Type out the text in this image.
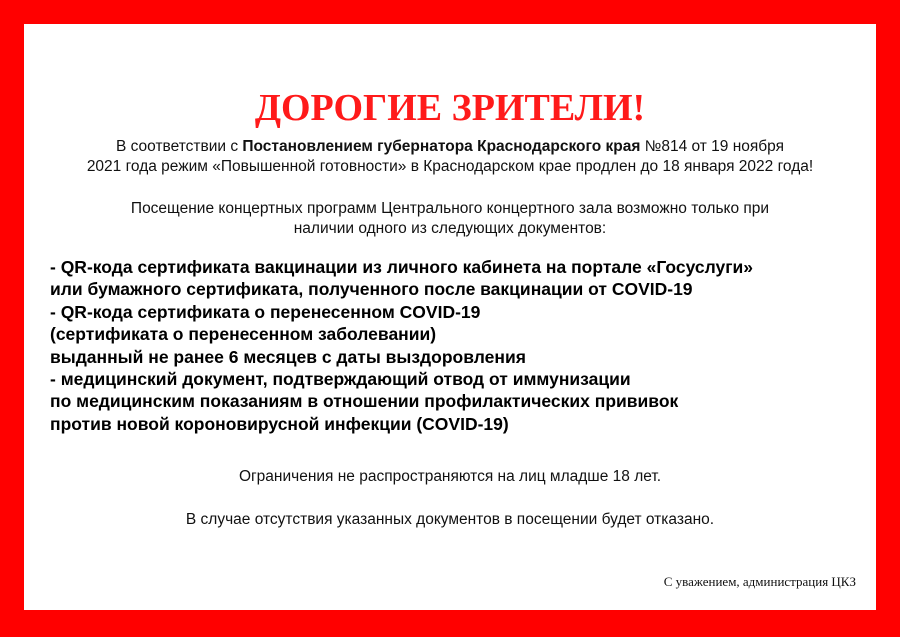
ДОРОГИЕ ЗРИТЕЛИ!

В соответствии с Постановлением губернатора Краснодарского края №814 от 19 ноября
2021 года режим «Повышенной готовности» в Краснодарском крае продлен до 18 января 2022 года!

Посещение концертных программ Центрального концертного зала возможно только при
наличии одного из следующих документов:

- QR-кода сертификата вакцинации из личного кабинета на портале «Госуслуги»
или бумажного сертификата, полученного после вакцинации от COVID-19
- QR-кода сертификата о перенесенном COVID-19
(сертификата о перенесенном заболевании)
выданный не ранее 6 месяцев с даты выздоровления
- медицинский документ, подтверждающий отвод от иммунизации
по медицинским показаниям в отношении профилактических прививок
против новой короновирусной инфекции (COVID-19)

Ограничения не распространяются на лиц младше 18 лет.

В случае отсутствия указанных документов в посещении будет отказано.

С уважением, администрация ЦКЗ
